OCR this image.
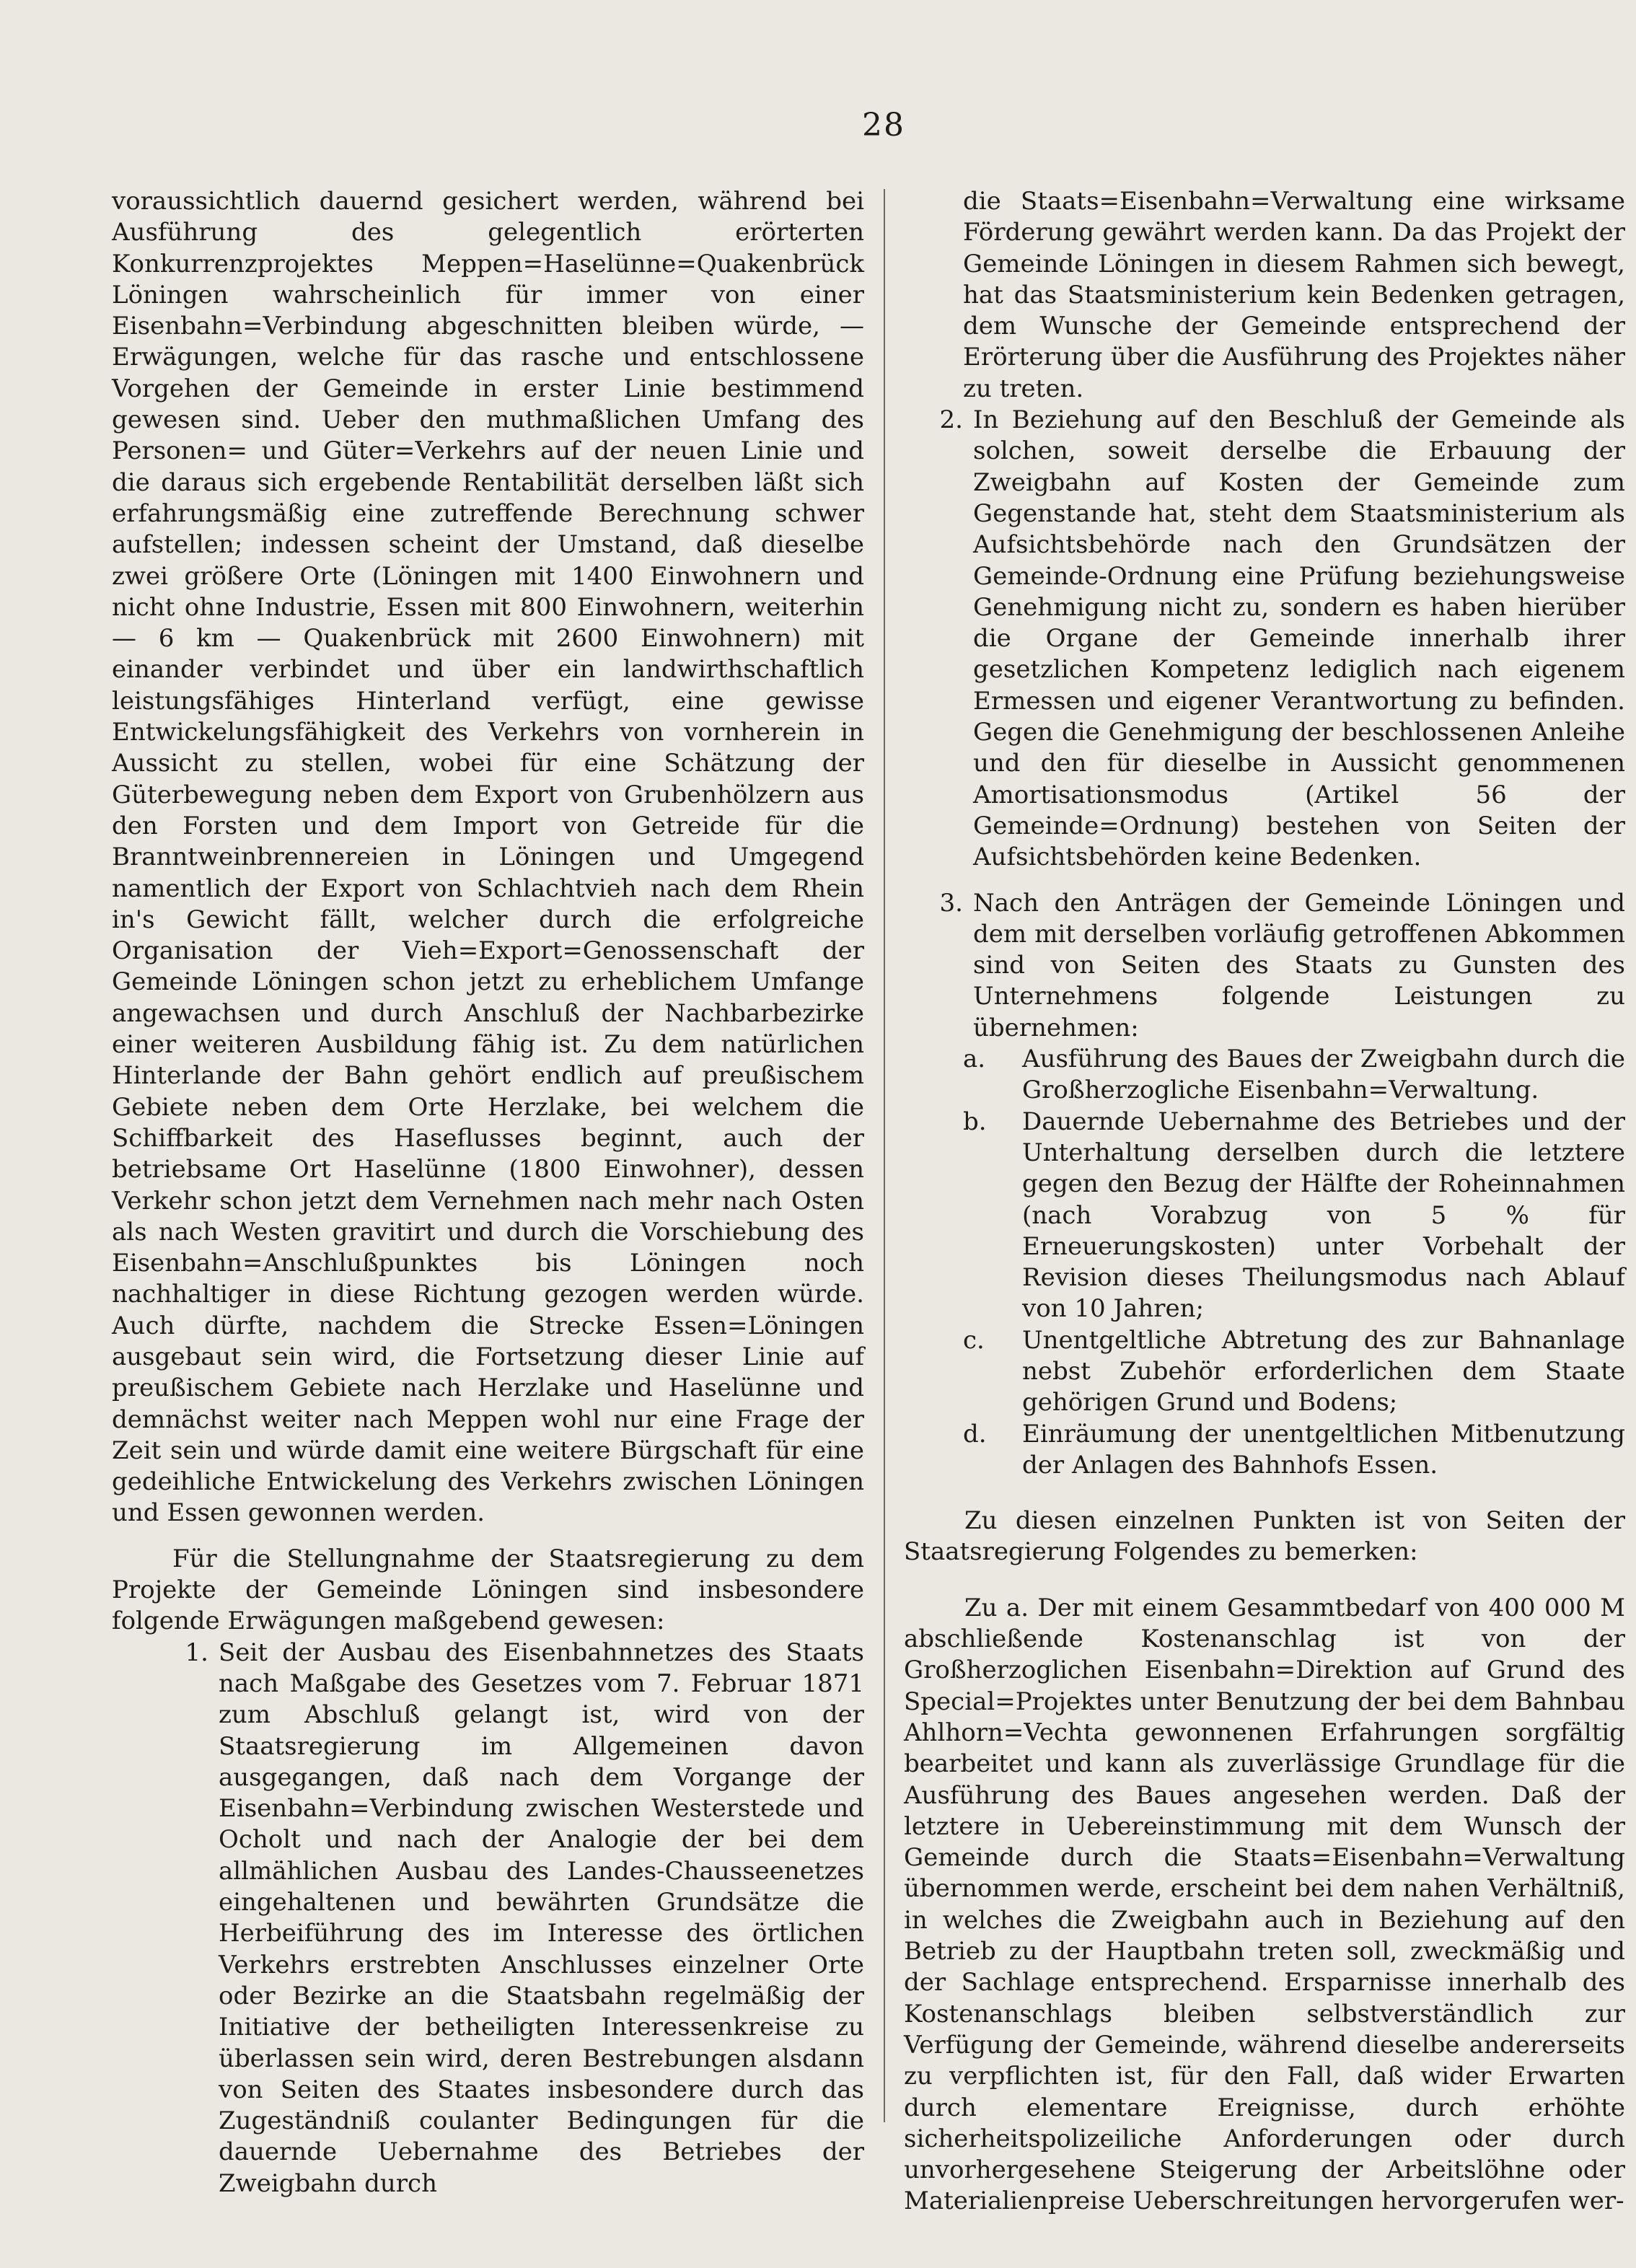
28

voraussichtlich dauernd gesichert werden, während bei Ausführung des gelegentlich erörterten Konkurrenzprojektes Meppen=Haselünne=Quakenbrück Löningen wahrscheinlich für immer von einer Eisenbahn=Verbindung abgeschnitten bleiben würde, — Erwägungen, welche für das rasche und entschlossene Vorgehen der Gemeinde in erster Linie bestimmend gewesen sind. Ueber den muthmaßlichen Umfang des Personen= und Güter=Verkehrs auf der neuen Linie und die daraus sich ergebende Rentabilität derselben läßt sich erfahrungsmäßig eine zutreffende Berechnung schwer aufstellen; indessen scheint der Umstand, daß dieselbe zwei größere Orte (Löningen mit 1400 Einwohnern und nicht ohne Industrie, Essen mit 800 Einwohnern, weiterhin — 6 km — Quakenbrück mit 2600 Einwohnern) mit einander verbindet und über ein landwirthschaftlich leistungsfähiges Hinterland verfügt, eine gewisse Entwickelungsfähigkeit des Verkehrs von vornherein in Aussicht zu stellen, wobei für eine Schätzung der Güterbewegung neben dem Export von Grubenhölzern aus den Forsten und dem Import von Getreide für die Branntweinbrennereien in Löningen und Umgegend namentlich der Export von Schlachtvieh nach dem Rhein in's Gewicht fällt, welcher durch die erfolgreiche Organisation der Vieh=Export=Genossenschaft der Gemeinde Löningen schon jetzt zu erheblichem Umfange angewachsen und durch Anschluß der Nachbarbezirke einer weiteren Ausbildung fähig ist. Zu dem natürlichen Hinterlande der Bahn gehört endlich auf preußischem Gebiete neben dem Orte Herzlake, bei welchem die Schiffbarkeit des Haseflusses beginnt, auch der betriebsame Ort Haselünne (1800 Einwohner), dessen Verkehr schon jetzt dem Vernehmen nach mehr nach Osten als nach Westen gravitirt und durch die Vorschiebung des Eisenbahn=Anschlußpunktes bis Löningen noch nachhaltiger in diese Richtung gezogen werden würde. Auch dürfte, nachdem die Strecke Essen=Löningen ausgebaut sein wird, die Fortsetzung dieser Linie auf preußischem Gebiete nach Herzlake und Haselünne und demnächst weiter nach Meppen wohl nur eine Frage der Zeit sein und würde damit eine weitere Bürgschaft für eine gedeihliche Entwickelung des Verkehrs zwischen Löningen und Essen gewonnen werden.

Für die Stellungnahme der Staatsregierung zu dem Projekte der Gemeinde Löningen sind insbesondere folgende Erwägungen maßgebend gewesen:

1. Seit der Ausbau des Eisenbahnnetzes des Staats nach Maßgabe des Gesetzes vom 7. Februar 1871 zum Abschluß gelangt ist, wird von der Staatsregierung im Allgemeinen davon ausgegangen, daß nach dem Vorgange der Eisenbahn=Verbindung zwischen Westerstede und Ocholt und nach der Analogie der bei dem allmählichen Ausbau des Landes-Chausseenetzes eingehaltenen und bewährten Grundsätze die Herbeiführung des im Interesse des örtlichen Verkehrs erstrebten Anschlusses einzelner Orte oder Bezirke an die Staatsbahn regelmäßig der Initiative der betheiligten Interessenkreise zu überlassen sein wird, deren Bestrebungen alsdann von Seiten des Staates insbesondere durch das Zugeständniß coulanter Bedingungen für die dauernde Uebernahme des Betriebes der Zweigbahn durch

die Staats=Eisenbahn=Verwaltung eine wirksame Förderung gewährt werden kann. Da das Projekt der Gemeinde Löningen in diesem Rahmen sich bewegt, hat das Staatsministerium kein Bedenken getragen, dem Wunsche der Gemeinde entsprechend der Erörterung über die Ausführung des Projektes näher zu treten.

2. In Beziehung auf den Beschluß der Gemeinde als solchen, soweit derselbe die Erbauung der Zweigbahn auf Kosten der Gemeinde zum Gegenstande hat, steht dem Staatsministerium als Aufsichtsbehörde nach den Grundsätzen der Gemeinde-Ordnung eine Prüfung beziehungsweise Genehmigung nicht zu, sondern es haben hierüber die Organe der Gemeinde innerhalb ihrer gesetzlichen Kompetenz lediglich nach eigenem Ermessen und eigener Verantwortung zu befinden. Gegen die Genehmigung der beschlossenen Anleihe und den für dieselbe in Aussicht genommenen Amortisationsmodus (Artikel 56 der Gemeinde=Ordnung) bestehen von Seiten der Aufsichtsbehörden keine Bedenken.
3. Nach den Anträgen der Gemeinde Löningen und dem mit derselben vorläufig getroffenen Abkommen sind von Seiten des Staats zu Gunsten des Unternehmens folgende Leistungen zu übernehmen:
a.	Ausführung des Baues der Zweigbahn durch die Großherzogliche Eisenbahn=Verwaltung.
b.	Dauernde Uebernahme des Betriebes und der Unterhaltung derselben durch die letztere gegen den Bezug der Hälfte der Roheinnahmen (nach Vorabzug von 5 % für Erneuerungskosten) unter Vorbehalt der Revision dieses Theilungsmodus nach Ablauf von 10 Jahren;
c.	Unentgeltliche Abtretung des zur Bahnanlage nebst Zubehör erforderlichen dem Staate gehörigen Grund und Bodens;
d.	Einräumung der unentgeltlichen Mitbenutzung der Anlagen des Bahnhofs Essen.

Zu diesen einzelnen Punkten ist von Seiten der Staatsregierung Folgendes zu bemerken:

Zu a. Der mit einem Gesammtbedarf von 400 000 M abschließende Kostenanschlag ist von der Großherzoglichen Eisenbahn=Direktion auf Grund des Special=Projektes unter Benutzung der bei dem Bahnbau Ahlhorn=Vechta gewonnenen Erfahrungen sorgfältig bearbeitet und kann als zuverlässige Grundlage für die Ausführung des Baues angesehen werden. Daß der letztere in Uebereinstimmung mit dem Wunsch der Gemeinde durch die Staats=Eisenbahn=Verwaltung übernommen werde, erscheint bei dem nahen Verhältniß, in welches die Zweigbahn auch in Beziehung auf den Betrieb zu der Hauptbahn treten soll, zweckmäßig und der Sachlage entsprechend. Ersparnisse innerhalb des Kostenanschlags bleiben selbstverständlich zur Verfügung der Gemeinde, während dieselbe andererseits zu verpflichten ist, für den Fall, daß wider Erwarten durch elementare Ereignisse, durch erhöhte sicherheitspolizeiliche Anforderungen oder durch unvorhergesehene Steigerung der Arbeitslöhne oder Materialienpreise Ueberschreitungen hervorgerufen wer-
